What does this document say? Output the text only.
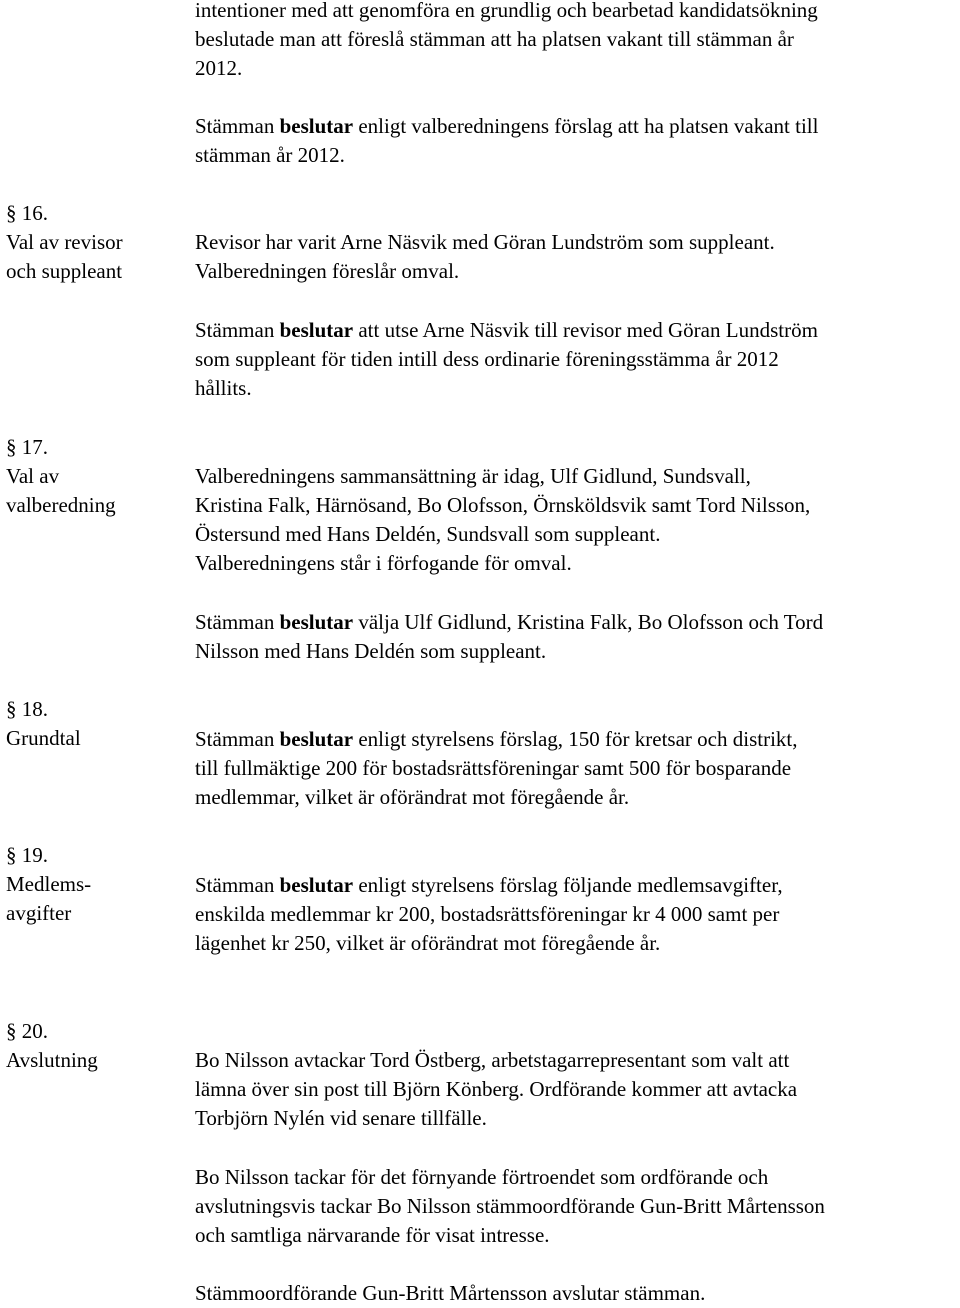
intentioner med att genomföra en grundlig och bearbetad kandidatsökning
beslutade man att föreslå stämman att ha platsen vakant till stämman år
2012.
Stämman beslutar enligt valberedningens förslag att ha platsen vakant till
stämman år 2012.
§ 16.
Val av revisor
och suppleant
Revisor har varit Arne Näsvik med Göran Lundström som suppleant.
Valberedningen föreslår omval.
Stämman beslutar att utse Arne Näsvik till revisor med Göran Lundström
som suppleant för tiden intill dess ordinarie föreningsstämma år 2012
hållits.
§ 17.
Val av
valberedning
Valberedningens sammansättning är idag, Ulf Gidlund, Sundsvall,
Kristina Falk, Härnösand, Bo Olofsson, Örnsköldsvik samt Tord Nilsson,
Östersund med Hans Deldén, Sundsvall som suppleant.
Valberedningens står i förfogande för omval.
Stämman beslutar välja Ulf Gidlund, Kristina Falk, Bo Olofsson och Tord
Nilsson med Hans Deldén som suppleant.
§ 18.
Grundtal	Stämman beslutar enligt styrelsens förslag, 150 för kretsar och distrikt,
till fullmäktige 200 för bostadsrättsföreningar samt 500 för bosparande
medlemmar, vilket är oförändrat mot föregående år.
§ 19.
Medlems-
avgifter
Stämman beslutar enligt styrelsens förslag följande medlemsavgifter,
enskilda medlemmar kr 200, bostadsrättsföreningar kr 4 000 samt per
lägenhet kr 250, vilket är oförändrat mot föregående år.
§ 20.
Avslutning	Bo Nilsson avtackar Tord Östberg, arbetstagarrepresentant som valt att
lämna över sin post till Björn Könberg. Ordförande kommer att avtacka
Torbjörn Nylén vid senare tillfälle.
Bo Nilsson tackar för det förnyande förtroendet som ordförande och
avslutningsvis tackar Bo Nilsson stämmoordförande Gun-Britt Mårtensson
och samtliga närvarande för visat intresse.
Stämmoordförande Gun-Britt Mårtensson avslutar stämman.
